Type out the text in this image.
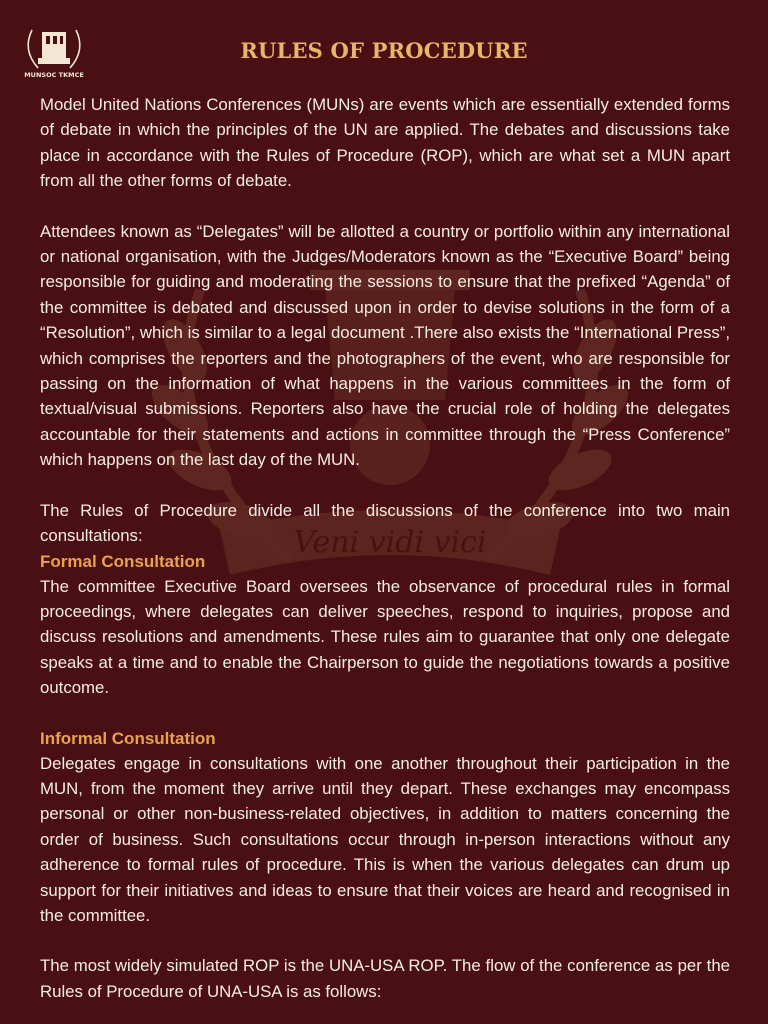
Veni vidi vici
MUNSOC TKMCE
RULES OF PROCEDURE

Model United Nations Conferences (MUNs) are events which are essentially extended forms of debate in which the principles of the UN are applied. The debates and discussions take place in accordance with the Rules of Procedure (ROP), which are what set a MUN apart from all the other forms of debate.

Attendees known as “Delegates” will be allotted a country or portfolio within any international or national organisation, with the Judges/Moderators known as the “Executive Board” being responsible for guiding and moderating the sessions to ensure that the prefixed “Agenda” of the committee is debated and discussed upon in order to devise solutions in the form of a “Resolution”, which is similar to a legal document .There also exists the “International Press”, which comprises the reporters and the photographers of the event, who are responsible for passing on the information of what happens in the various committees in the form of textual/visual submissions. Reporters also have the crucial role of holding the delegates accountable for their statements and actions in committee through the “Press Conference” which happens on the last day of the MUN.

The Rules of Procedure divide all the discussions of the conference into two main consultations:

Formal Consultation

The committee Executive Board oversees the observance of procedural rules in formal proceedings, where delegates can deliver speeches, respond to inquiries, propose and discuss resolutions and amendments. These rules aim to guarantee that only one delegate speaks at a time and to enable the Chairperson to guide the negotiations towards a positive outcome.

Informal Consultation

Delegates engage in consultations with one another throughout their participation in the MUN, from the moment they arrive until they depart. These exchanges may encompass personal or other non-business-related objectives, in addition to matters concerning the order of business. Such consultations occur through in-person interactions without any adherence to formal rules of procedure. This is when the various delegates can drum up support for their initiatives and ideas to ensure that their voices are heard and recognised in the committee.

The most widely simulated ROP is the UNA-USA ROP. The flow of the conference as per the Rules of Procedure of UNA-USA is as follows:
